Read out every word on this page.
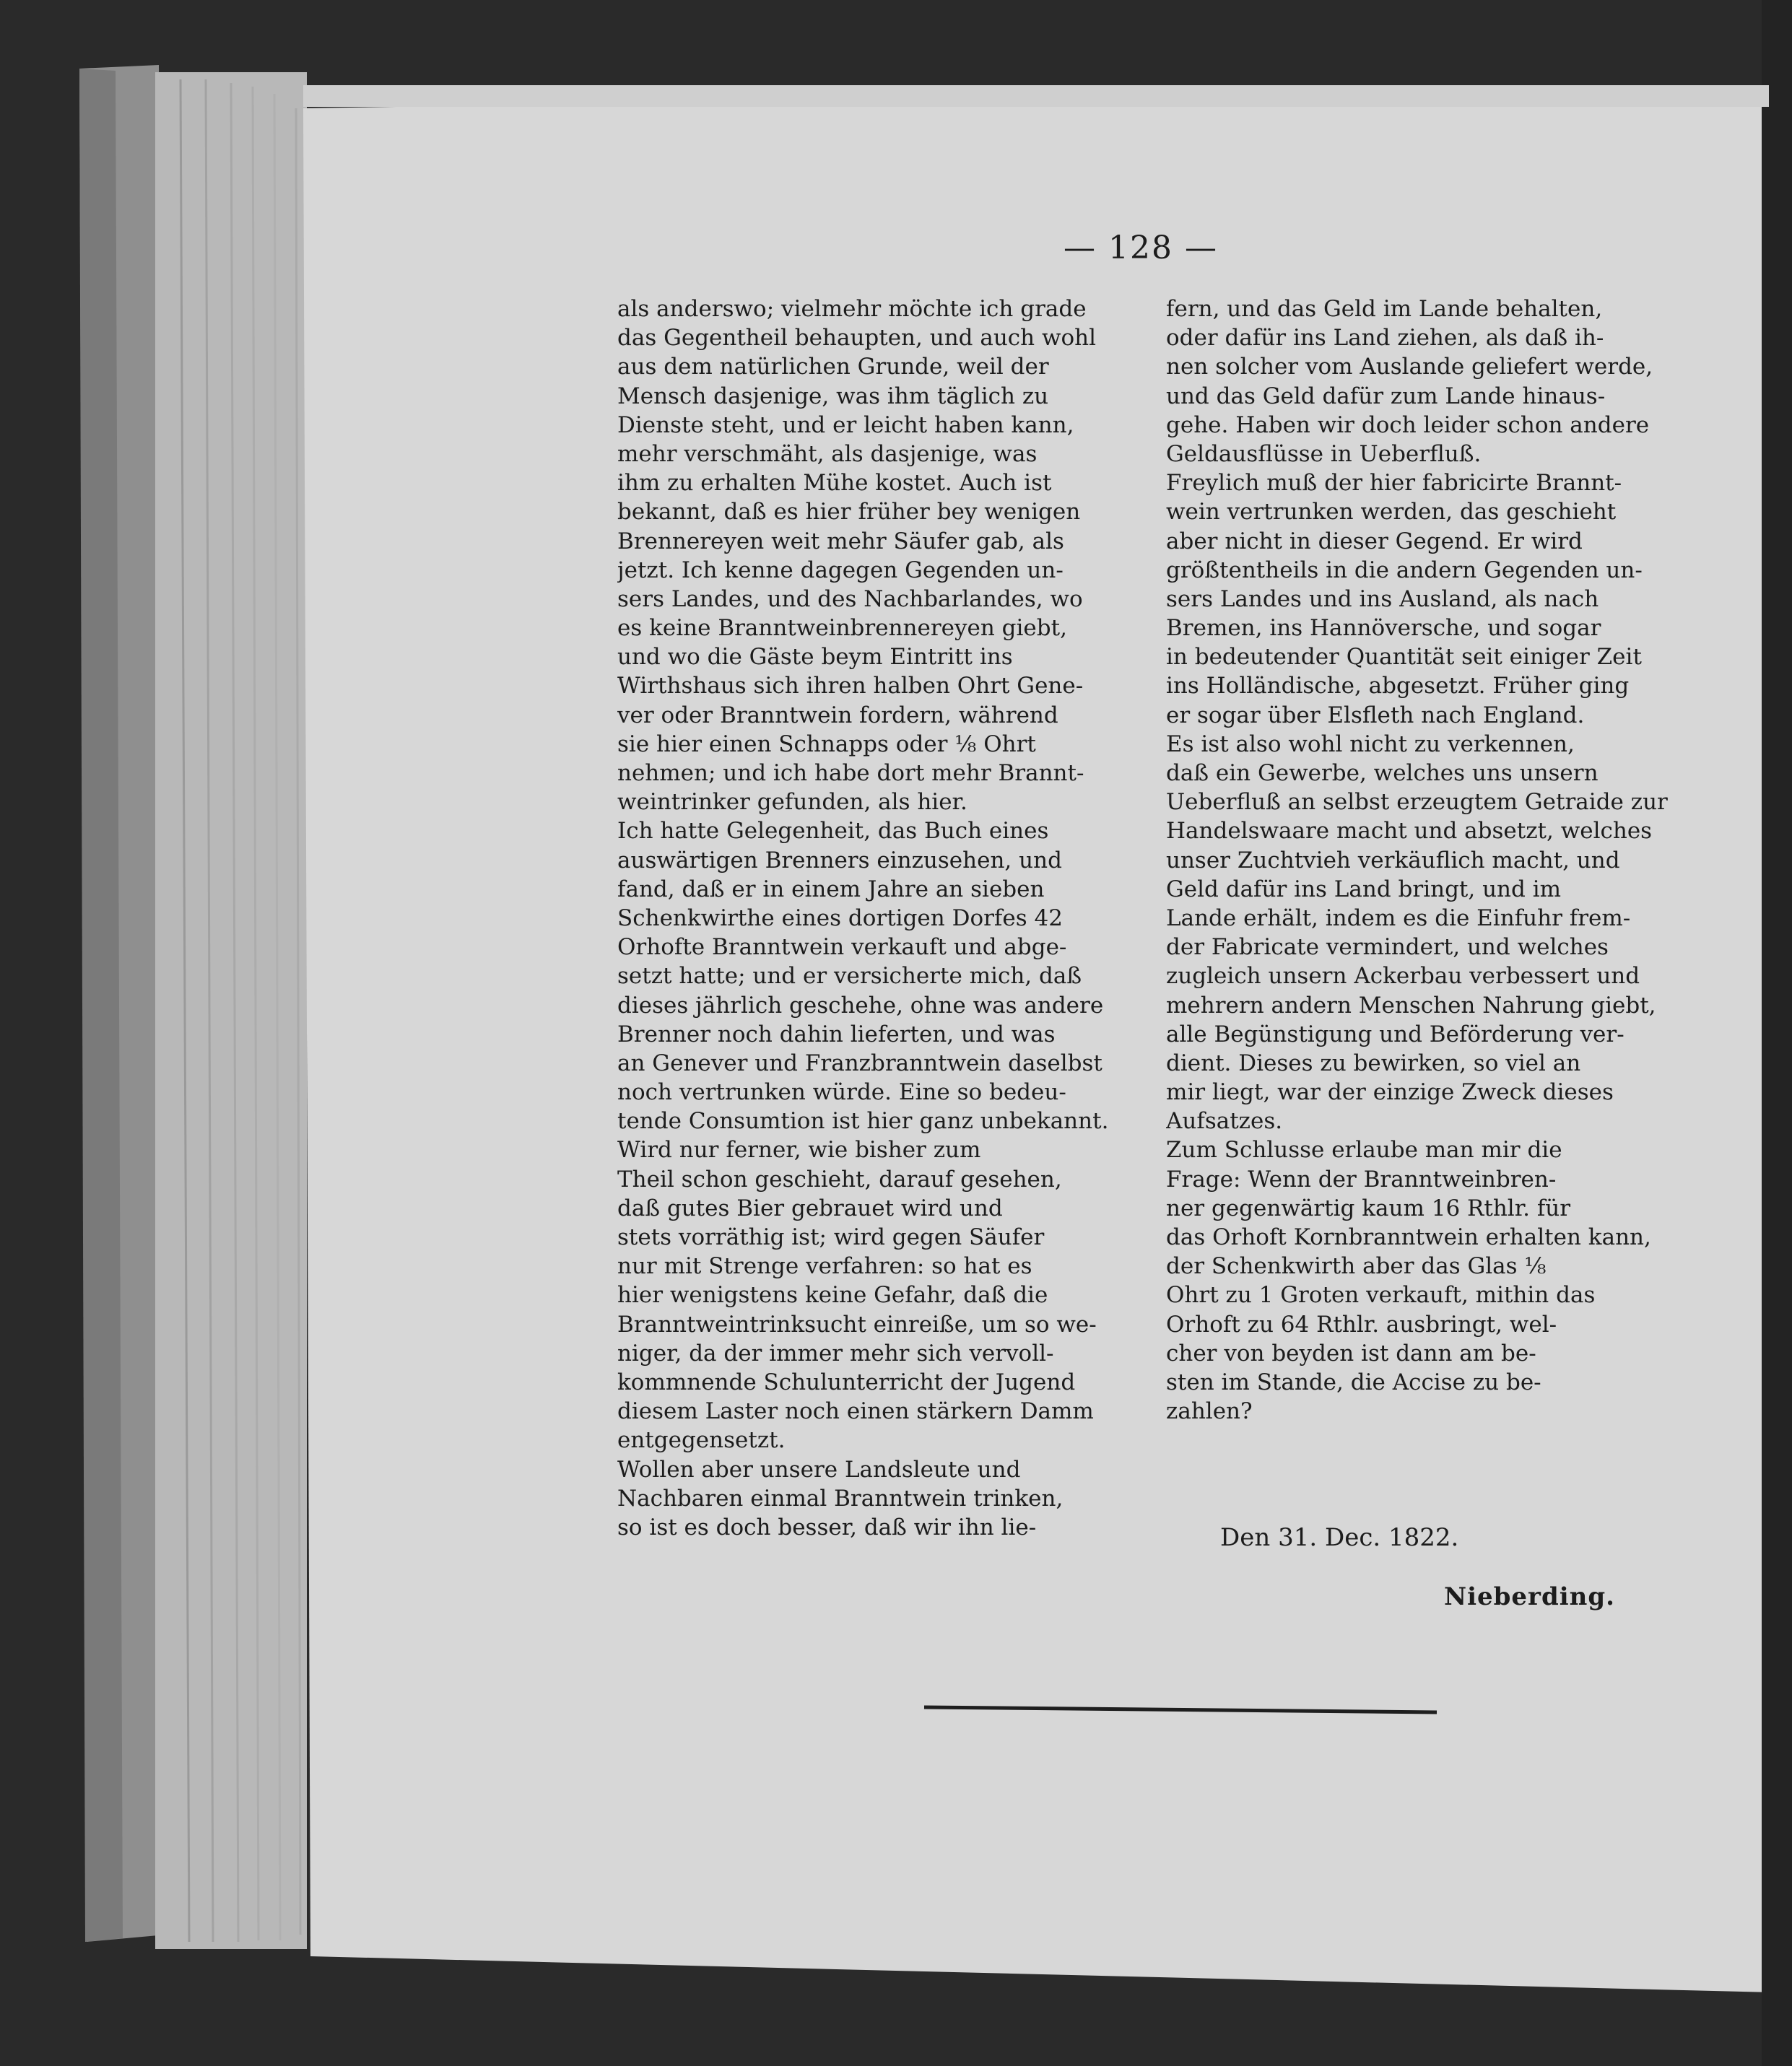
— 128 —
als anderswo; vielmehr möchte ich grade
das Gegentheil behaupten, und auch wohl
aus dem natürlichen Grunde, weil der
Mensch dasjenige, was ihm täglich zu
Dienste steht, und er leicht haben kann,
mehr verschmäht, als dasjenige, was
ihm zu erhalten Mühe kostet. Auch ist
bekannt, daß es hier früher bey wenigen
Brennereyen weit mehr Säufer gab, als
jetzt. Ich kenne dagegen Gegenden un-
sers Landes, und des Nachbarlandes, wo
es keine Branntweinbrennereyen giebt,
und wo die Gäste beym Eintritt ins
Wirthshaus sich ihren halben Ohrt Gene-
ver oder Branntwein fordern, während
sie hier einen Schnapps oder ⅛ Ohrt
nehmen; und ich habe dort mehr Brannt-
weintrinker gefunden, als hier.
Ich hatte Gelegenheit, das Buch eines
auswärtigen Brenners einzusehen, und
fand, daß er in einem Jahre an sieben
Schenkwirthe eines dortigen Dorfes 42
Orhofte Branntwein verkauft und abge-
setzt hatte; und er versicherte mich, daß
dieses jährlich geschehe, ohne was andere
Brenner noch dahin lieferten, und was
an Genever und Franzbranntwein daselbst
noch vertrunken würde. Eine so bedeu-
tende Consumtion ist hier ganz unbekannt.
Wird nur ferner, wie bisher zum
Theil schon geschieht, darauf gesehen,
daß gutes Bier gebrauet wird und
stets vorräthig ist; wird gegen Säufer
nur mit Strenge verfahren: so hat es
hier wenigstens keine Gefahr, daß die
Branntweintrinksucht einreiße, um so we-
niger, da der immer mehr sich vervoll-
kommnende Schulunterricht der Jugend
diesem Laster noch einen stärkern Damm
entgegensetzt.
Wollen aber unsere Landsleute und
Nachbaren einmal Branntwein trinken,
so ist es doch besser, daß wir ihn lie-
fern, und das Geld im Lande behalten,
oder dafür ins Land ziehen, als daß ih-
nen solcher vom Auslande geliefert werde,
und das Geld dafür zum Lande hinaus-
gehe. Haben wir doch leider schon andere
Geldausflüsse in Ueberfluß.
Freylich muß der hier fabricirte Brannt-
wein vertrunken werden, das geschieht
aber nicht in dieser Gegend. Er wird
größtentheils in die andern Gegenden un-
sers Landes und ins Ausland, als nach
Bremen, ins Hannöversche, und sogar
in bedeutender Quantität seit einiger Zeit
ins Holländische, abgesetzt. Früher ging
er sogar über Elsfleth nach England.
Es ist also wohl nicht zu verkennen,
daß ein Gewerbe, welches uns unsern
Ueberfluß an selbst erzeugtem Getraide zur
Handelswaare macht und absetzt, welches
unser Zuchtvieh verkäuflich macht, und
Geld dafür ins Land bringt, und im
Lande erhält, indem es die Einfuhr frem-
der Fabricate vermindert, und welches
zugleich unsern Ackerbau verbessert und
mehrern andern Menschen Nahrung giebt,
alle Begünstigung und Beförderung ver-
dient. Dieses zu bewirken, so viel an
mir liegt, war der einzige Zweck dieses
Aufsatzes.
Zum Schlusse erlaube man mir die
Frage: Wenn der Branntweinbren-
ner gegenwärtig kaum 16 Rthlr. für
das Orhoft Kornbranntwein erhalten kann,
der Schenkwirth aber das Glas ⅛
Ohrt zu 1 Groten verkauft, mithin das
Orhoft zu 64 Rthlr. ausbringt, wel-
cher von beyden ist dann am be-
sten im Stande, die Accise zu be-
zahlen?
Den 31. Dec. 1822.
Nieberding.
